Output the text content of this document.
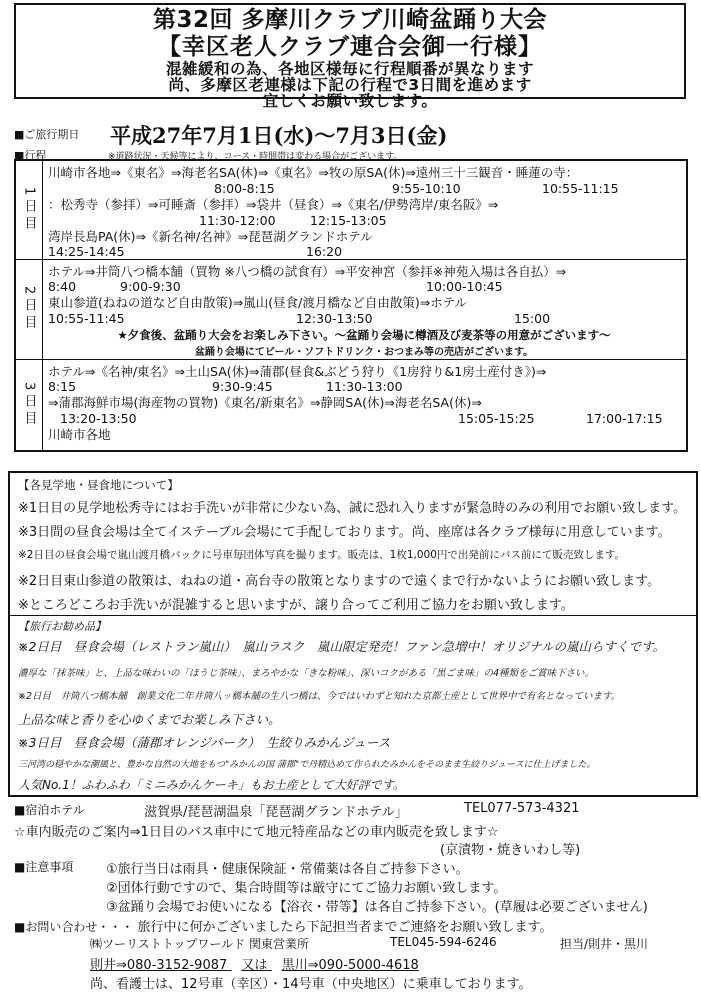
第32回 多摩川クラブ川崎盆踊り大会
【幸区老人クラブ連合会御一行様】
混雑緩和の為、各地区様毎に行程順番が異なります
尚、多摩区老連様は下記の行程で3日間を進めます
宜しくお願い致します。
■ご旅行期日 平成27年7月1日(水)～7月3日(金)
■行程	※道路状況・天候等により、コース・時間帯は変わる場合がございます。
1日目
川崎市各地⇒《東名》⇒海老名SA(休)⇒《東名》⇒牧の原SA(休)⇒遠州三十三観音・睡蓮の寺：
8:00-8:15	9:55-10:10	10:55-11:15
：松秀寺（参拝）⇒可睡斎（参拝）⇒袋井（昼食）⇒《東名/伊勢湾岸/東名阪》⇒
11:30-12:00	12:15-13:05
湾岸長島PA(休)⇒《新名神/名神》⇒琵琶湖グランドホテル
14:25-14:45	16:20
2日目
ホテル⇒井筒八つ橋本舗（買物 ※八つ橋の試食有）⇒平安神宮（参拝※神苑入場は各自払）⇒
8:40	9:00-9:30	10:00-10:45
東山参道(ねねの道など自由散策)⇒嵐山(昼食/渡月橋など自由散策)⇒ホテル
10:55-11:45	12:30-13:50	15:00
★夕食後、盆踊り大会をお楽しみ下さい。～盆踊り会場に樽酒及び麦茶等の用意がございます～
盆踊り会場にてビール・ソフトドリンク・おつまみ等の売店がございます。
3日目
ホテル⇒《名神/東名》⇒土山SA(休)⇒蒲郡(昼食&ぶどう狩り《1房狩り&1房土産付き》)⇒
8:15	9:30-9:45	11:30-13:00
⇒蒲郡海鮮市場(海産物の買物)《東名/新東名》⇒静岡SA(休)⇒海老名SA(休)⇒
13:20-13:50	15:05-15:25	17:00-17:15
川崎市各地
【各見学地・昼食地について】
※1日目の見学地松秀寺にはお手洗いが非常に少ない為、誠に恐れ入りますが緊急時のみの利用でお願い致します。
※3日間の昼食会場は全てイステーブル会場にて手配しております。尚、座席は各クラブ様毎に用意しています。
※2日目の昼食会場で嵐山渡月橋バックに号車毎団体写真を撮ります。販売は、1枚1,000円で出発前にバス前にて販売致します。
※2日目東山参道の散策は、ねねの道・高台寺の散策となりますので遠くまで行かないようにお願い致します。
※ところどころお手洗いが混雑すると思いますが、譲り合ってご利用ご協力をお願い致します。
【旅行お勧め品】
※2日目　昼食会場（レストラン嵐山）　嵐山ラスク　嵐山限定発売！ファン急増中！オリジナルの嵐山らすくです。
濃厚な「抹茶味」と、上品な味わいの「ほうじ茶味」、まろやかな「きな粉味」、深いコクがある「黒ごま味」の4種類をご賞味下さい。
※2日目　井筒八つ橋本舗　創業文化二年井筒八ッ橋本舗の生八つ橋は、今ではいわずと知れた京都土産として世界中で有名となっています。
上品な味と香りを心ゆくまでお楽しみ下さい。
※3日目　昼食会場（蒲郡オレンジパーク）　生絞りみかんジュース
三河湾の穏やかな潮風と、豊かな自然の大地をもつ"みかんの国 蒲郡"で丹精込めて作られたみかんをそのまま生絞りジュースに仕上げました。
人気No.1！ふわふわ「ミニみかんケーキ」もお土産として大好評です。
■宿泊ホテル	滋賀県/琵琶湖温泉「琵琶湖グランドホテル」	TEL077-573-4321
☆車内販売のご案内⇒1日目のバス車中にて地元特産品などの車内販売を致します☆
(京漬物・焼きいわし等)
■注意事項	①旅行当日は雨具・健康保険証・常備薬は各自ご持参下さい。
②団体行動ですので、集合時間等は厳守にてご協力お願い致します。
③盆踊り会場でお使いになる【浴衣・帯等】は各自ご持参下さい。(草履は必要ございません)
■お問い合わせ・・・ 旅行中に何かございましたら下記担当者までご連絡をお願い致します。
㈱ツーリストトップワールド 関東営業所	TEL045-594-6246	担当/則井・黒川
則井⇒080-3152-9087 又は 黒川⇒090-5000-4618
尚、看護士は、12号車（幸区）・14号車（中央地区）に乗車しております。
